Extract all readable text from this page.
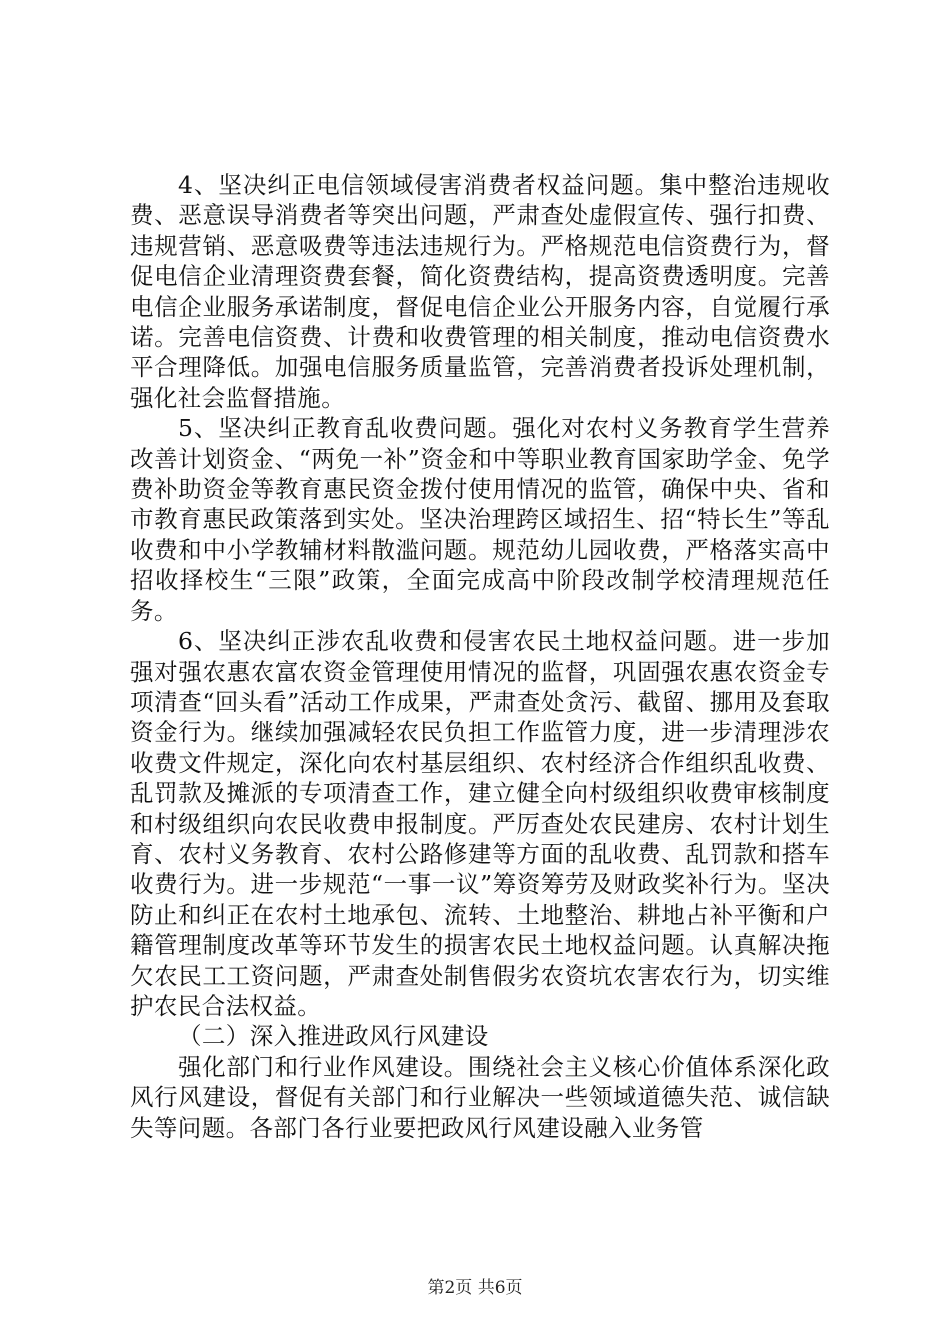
4、坚决纠正电信领域侵害消费者权益问题。集中整治违规收费、恶意误导消费者等突出问题，严肃查处虚假宣传、强行扣费、违规营销、恶意吸费等违法违规行为。严格规范电信资费行为，督促电信企业清理资费套餐，简化资费结构，提高资费透明度。完善电信企业服务承诺制度，督促电信企业公开服务内容，自觉履行承诺。完善电信资费、计费和收费管理的相关制度，推动电信资费水平合理降低。加强电信服务质量监管，完善消费者投诉处理机制，强化社会监督措施。

5、坚决纠正教育乱收费问题。强化对农村义务教育学生营养改善计划资金、“两免一补”资金和中等职业教育国家助学金、免学费补助资金等教育惠民资金拨付使用情况的监管，确保中央、省和市教育惠民政策落到实处。坚决治理跨区域招生、招“特长生”等乱收费和中小学教辅材料散滥问题。规范幼儿园收费，严格落实高中招收择校生“三限”政策，全面完成高中阶段改制学校清理规范任务。

6、坚决纠正涉农乱收费和侵害农民土地权益问题。进一步加强对强农惠农富农资金管理使用情况的监督，巩固强农惠农资金专项清查“回头看”活动工作成果，严肃查处贪污、截留、挪用及套取资金行为。继续加强减轻农民负担工作监管力度，进一步清理涉农收费文件规定，深化向农村基层组织、农村经济合作组织乱收费、乱罚款及摊派的专项清查工作，建立健全向村级组织收费审核制度和村级组织向农民收费申报制度。严厉查处农民建房、农村计划生育、农村义务教育、农村公路修建等方面的乱收费、乱罚款和搭车收费行为。进一步规范“一事一议”筹资筹劳及财政奖补行为。坚决防止和纠正在农村土地承包、流转、土地整治、耕地占补平衡和户籍管理制度改革等环节发生的损害农民土地权益问题。认真解决拖欠农民工工资问题，严肃查处制售假劣农资坑农害农行为，切实维护农民合法权益。

（二）深入推进政风行风建设

强化部门和行业作风建设。围绕社会主义核心价值体系深化政风行风建设，督促有关部门和行业解决一些领域道德失范、诚信缺失等问题。各部门各行业要把政风行风建设融入业务管

第2页 共6页
